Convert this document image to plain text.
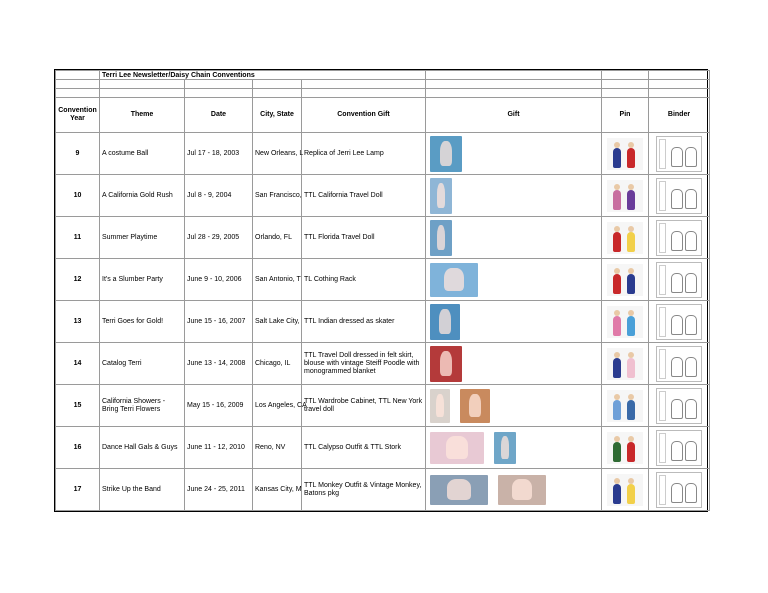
	Terri Lee Newsletter/Daisy Chain Conventions						

Convention Year	Theme	Date	City, State	Convention Gift	Gift	Pin	Binder
9	A costume Ball	Jul 17 - 18, 2003	New Orleans, L	Replica of Jerri Lee Lamp	

10	A California Gold Rush	Jul 8 - 9, 2004	San Francisco,	TTL California Travel Doll	

11	Summer Playtime	Jul 28 - 29, 2005	Orlando, FL	TTL Florida Travel Doll	

12	It's a Slumber Party	June 9 - 10, 2006	San Antonio, T	TL Cothing Rack	

13	Terri Goes for Gold!	June 15 - 16, 2007	Salt Lake City,	TTL Indian dressed as skater	

14	Catalog Terri	June 13 - 14, 2008	Chicago, IL	TTL Travel Doll dressed in felt skirt, blouse with vintage Steiff Poodle with monogrammed blanket	

15	California Showers - Bring Terri Flowers	May 15 - 16, 2009	Los Angeles, CA	TTL Wardrobe Cabinet, TTL New York travel doll	

16	Dance Hall Gals & Guys	June 11 - 12, 2010	Reno, NV	TTL Calypso Outfit & TTL Stork	

17	Strike Up the Band	June 24 - 25, 2011	Kansas City, M	TTL Monkey Outfit & Vintage Monkey, Batons pkg	
